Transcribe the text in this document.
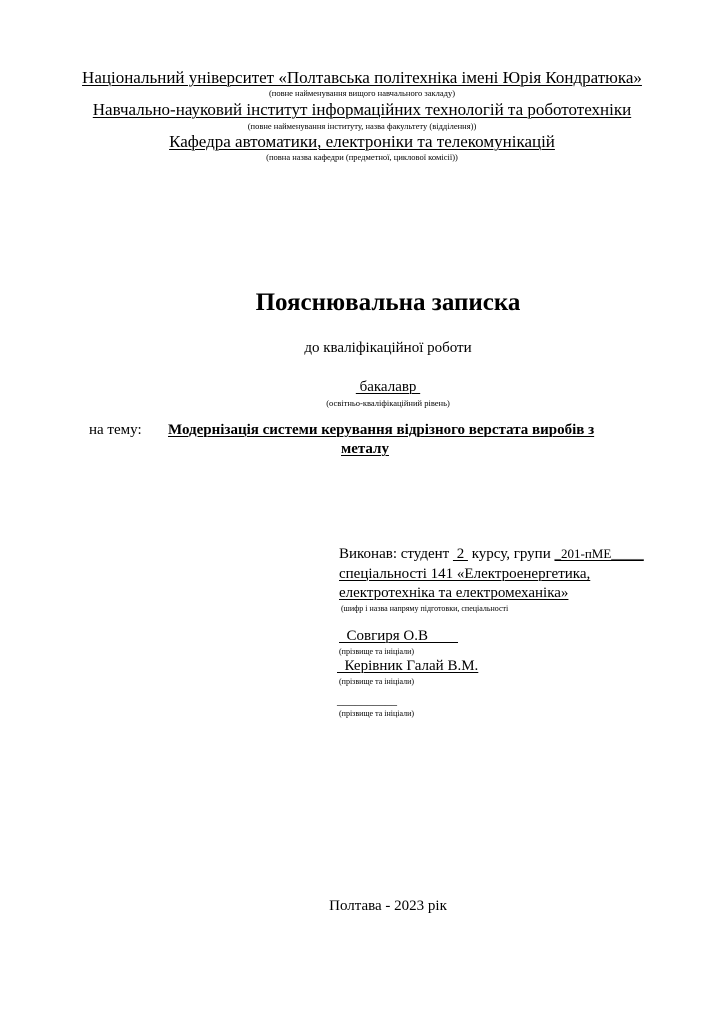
Національний університет «Полтавська політехніка імені Юрія Кондратюка»
(повне найменування вищого навчального закладу)
Навчально-науковий інститут інформаційних технологій та робототехніки
(повне найменування інституту, назва факультету (відділення))
Кафедра автоматики, електроніки та телекомунікацій
(повна назва кафедри (предметної, циклової комісії))
Пояснювальна записка
до кваліфікаційної роботи
бакалавр
(освітньо-кваліфікаційний рівень)
на тему: Модернізація системи керування відрізного верстата виробів з
металу
Виконав: студент  2  курсу, групи _201-пМЕ_____
спеціальності 141 «Електроенергетика,
електротехніка та електромеханіка»
(шифр і назва напряму підготовки, спеціальності
Совгиря О.В
(прізвище та ініціали)
Керівник Галай В.М.
(прізвище та ініціали)
__________
(прізвище та ініціали)
Полтава - 2023 рік
